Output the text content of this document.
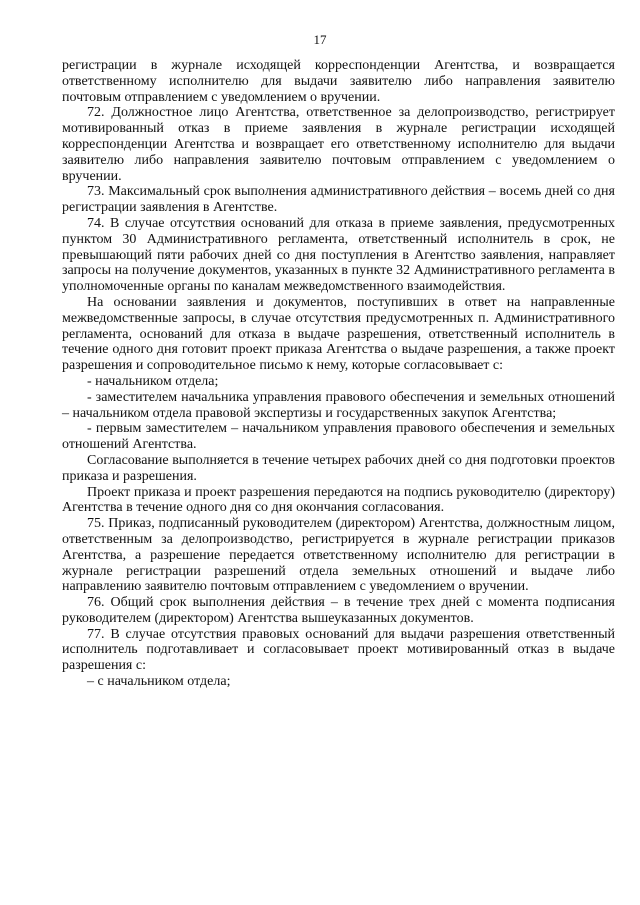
17

регистрации в журнале исходящей корреспонденции Агентства, и возвращается ответственному исполнителю для выдачи заявителю либо направления заявителю почтовым отправлением с уведомлением о вручении.

72. Должностное лицо Агентства, ответственное за делопроизводство, регистрирует мотивированный отказ в приеме заявления в журнале регистрации исходящей корреспонденции Агентства и возвращает его ответственному исполнителю для выдачи заявителю либо направления заявителю почтовым отправлением с уведомлением о вручении.

73. Максимальный срок выполнения административного действия – восемь дней со дня регистрации заявления в Агентстве.

74. В случае отсутствия оснований для отказа в приеме заявления, предусмотренных пунктом 30 Административного регламента, ответственный исполнитель в срок, не превышающий пяти рабочих дней со дня поступления в Агентство заявления, направляет запросы на получение документов, указанных в пункте 32 Административного регламента в уполномоченные органы по каналам межведомственного взаимодействия.

На основании заявления и документов, поступивших в ответ на направленные межведомственные запросы, в случае отсутствия предусмотренных п. Административного регламента, оснований для отказа в выдаче разрешения, ответственный исполнитель в течение одного дня готовит проект приказа Агентства о выдаче разрешения, а также проект разрешения и сопроводительное письмо к нему, которые согласовывает с:

- начальником отдела;

- заместителем начальника управления правового обеспечения и земельных отношений – начальником отдела правовой экспертизы и государственных закупок Агентства;

- первым заместителем – начальником управления правового обеспечения и земельных отношений Агентства.

Согласование выполняется в течение четырех рабочих дней со дня подготовки проектов приказа и разрешения.

Проект приказа и проект разрешения передаются на подпись руководителю (директору) Агентства в течение одного дня со дня окончания согласования.

75. Приказ, подписанный руководителем (директором) Агентства, должностным лицом, ответственным за делопроизводство, регистрируется в журнале регистрации приказов Агентства, а разрешение передается ответственному исполнителю для регистрации в журнале регистрации разрешений отдела земельных отношений и выдаче либо направлению заявителю почтовым отправлением с уведомлением о вручении.

76. Общий срок выполнения действия – в течение трех дней с момента подписания руководителем (директором) Агентства вышеуказанных документов.

77. В случае отсутствия правовых оснований для выдачи разрешения ответственный исполнитель подготавливает и согласовывает проект мотивированный отказ в выдаче разрешения с:

– с начальником отдела;
